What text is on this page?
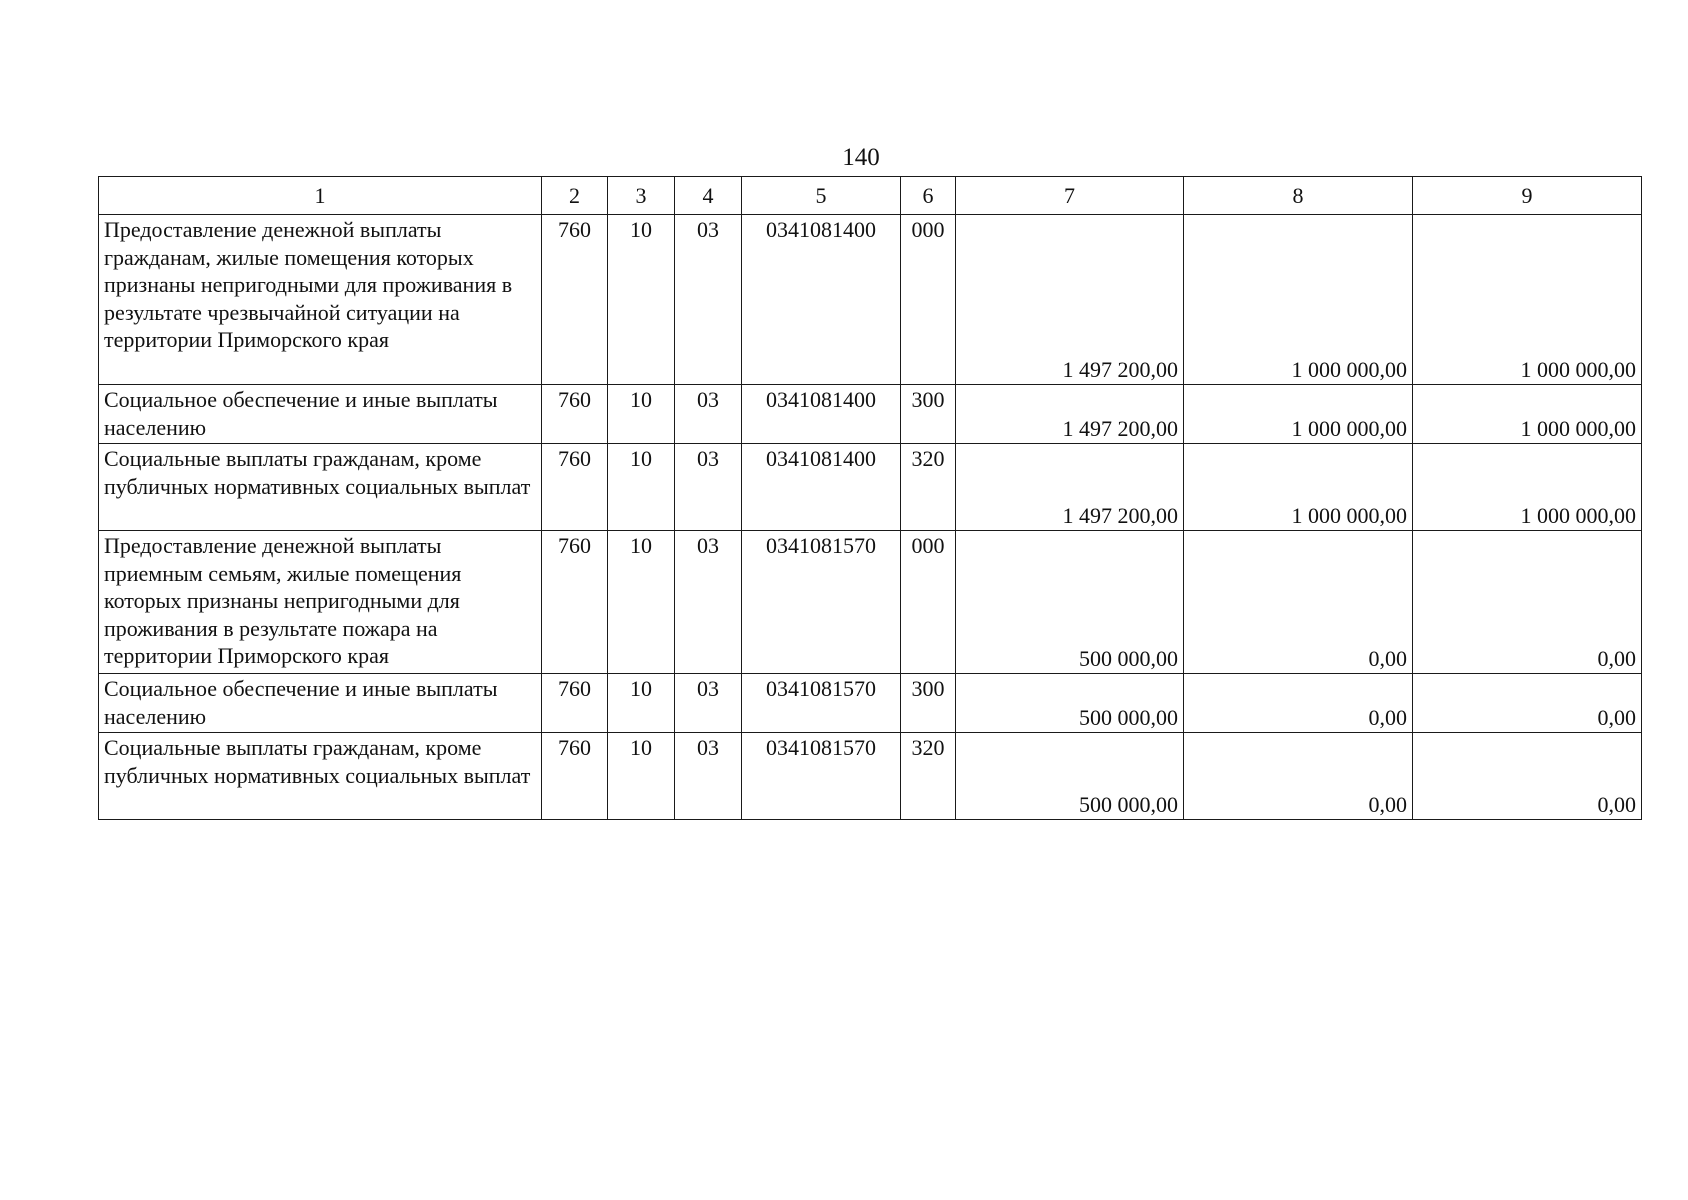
140
1	2	3	4	5	6	7	8	9
Предоставление денежной выплаты гражданам, жилые помещения которых признаны непригодными для проживания в результате чрезвычайной ситуации на территории Приморского края	760	10	03	0341081400	000	1 497 200,00	1 000 000,00	1 000 000,00
Социальное обеспечение и иные выплаты населению	760	10	03	0341081400	300	1 497 200,00	1 000 000,00	1 000 000,00
Социальные выплаты гражданам, кроме публичных нормативных социальных выплат	760	10	03	0341081400	320	1 497 200,00	1 000 000,00	1 000 000,00
Предоставление денежной выплаты приемным семьям, жилые помещения которых признаны непригодными для проживания в результате пожара на территории Приморского края	760	10	03	0341081570	000	500 000,00	0,00	0,00
Социальное обеспечение и иные выплаты населению	760	10	03	0341081570	300	500 000,00	0,00	0,00
Социальные выплаты гражданам, кроме публичных нормативных социальных выплат	760	10	03	0341081570	320	500 000,00	0,00	0,00
